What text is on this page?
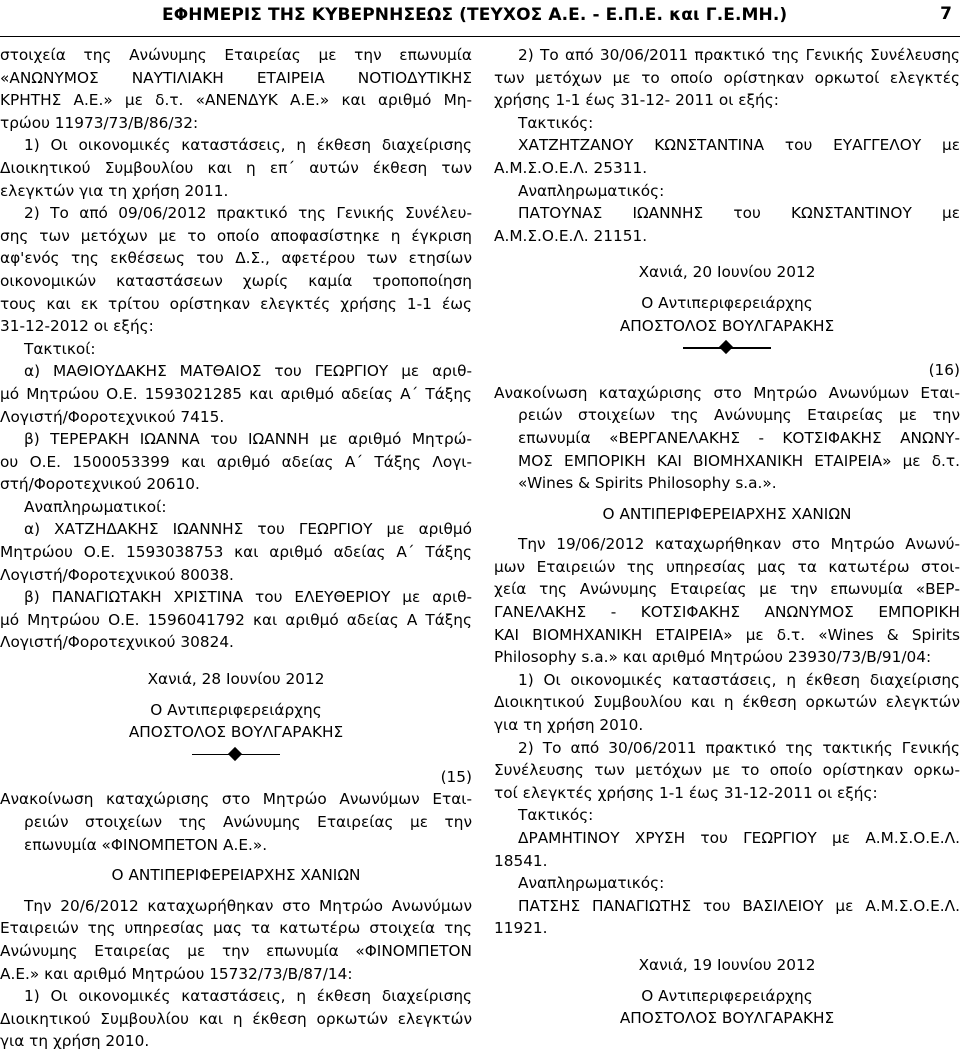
ΕΦΗΜΕΡΙΣ ΤΗΣ ΚΥΒΕΡΝΗΣΕΩΣ (ΤΕΥΧΟΣ Α.Ε. - Ε.Π.Ε. και Γ.Ε.ΜΗ.)	7
στοιχεία της Ανώνυμης Εταιρείας με την επωνυμία
«ΑΝΩΝΥΜΟΣ ΝΑΥΤΙΛΙΑΚΗ ΕΤΑΙΡΕΙΑ ΝΟΤΙΟΔΥΤΙΚΗΣ
ΚΡΗΤΗΣ Α.Ε.» με δ.τ. «ΑΝΕΝΔΥΚ Α.Ε.» και αριθμό Μη-
τρώου 11973/73/Β/86/32:
1) Οι οικονομικές καταστάσεις, η έκθεση διαχείρισης
Διοικητικού Συμβουλίου και η επ΄ αυτών έκθεση των
ελεγκτών για τη χρήση 2011.
2) Το από 09/06/2012 πρακτικό της Γενικής Συνέλευ-
σης των μετόχων με το οποίο αποφασίστηκε η έγκριση
αφ'ενός της εκθέσεως του Δ.Σ., αφετέρου των ετησίων
οικονομικών καταστάσεων χωρίς καμία τροποποίηση
τους και εκ τρίτου ορίστηκαν ελεγκτές χρήσης 1-1 έως
31-12-2012 οι εξής:
Τακτικοί:
α) ΜΑΘΙΟΥΔΑΚΗΣ ΜΑΤΘΑΙΟΣ του ΓΕΩΡΓΙΟΥ με αριθ-
μό Μητρώου Ο.Ε. 1593021285 και αριθμό αδείας Α΄ Τάξης
Λογιστή/Φοροτεχνικού 7415.
β) ΤΕΡΕΡΑΚΗ ΙΩΑΝΝΑ του ΙΩΑΝΝΗ με αριθμό Μητρώ-
ου Ο.Ε. 1500053399 και αριθμό αδείας Α΄ Τάξης Λογι-
στή/Φοροτεχνικού 20610.
Αναπληρωματικοί:
α) ΧΑΤΖΗΔΑΚΗΣ ΙΩΑΝΝΗΣ του ΓΕΩΡΓΙΟΥ με αριθμό
Μητρώου Ο.Ε. 1593038753 και αριθμό αδείας Α΄ Τάξης
Λογιστή/Φοροτεχνικού 80038.
β) ΠΑΝΑΓΙΩΤΑΚΗ ΧΡΙΣΤΙΝΑ του ΕΛΕΥΘΕΡΙΟΥ με αριθ-
μό Μητρώου Ο.Ε. 1596041792 και αριθμό αδείας Α Τάξης
Λογιστή/Φοροτεχνικού 30824.
Χανιά, 28 Ιουνίου 2012
Ο Αντιπεριφερειάρχης
ΑΠΟΣΤΟΛΟΣ ΒΟΥΛΓΑΡΑΚΗΣ
(15)
Ανακοίνωση καταχώρισης στο Μητρώο Ανωνύμων Εται-
ρειών στοιχείων της Ανώνυμης Εταιρείας με την
επωνυμία «ΦΙΝΟΜΠΕΤΟΝ Α.Ε.».
Ο ΑΝΤΙΠΕΡΙΦΕΡΕΙΑΡΧΗΣ ΧΑΝΙΩΝ
Την 20/6/2012 καταχωρήθηκαν στο Μητρώο Ανωνύμων
Εταιρειών της υπηρεσίας μας τα κατωτέρω στοιχεία της
Ανώνυμης Εταιρείας με την επωνυμία «ΦΙΝΟΜΠΕΤΟΝ
Α.Ε.» και αριθμό Μητρώου 15732/73/Β/87/14:
1) Οι οικονομικές καταστάσεις, η έκθεση διαχείρισης
Διοικητικού Συμβουλίου και η έκθεση ορκωτών ελεγκτών
για τη χρήση 2010.
2) Το από 30/06/2011 πρακτικό της Γενικής Συνέλευσης
των μετόχων με το οποίο ορίστηκαν ορκωτοί ελεγκτές
χρήσης 1-1 έως 31-12- 2011 οι εξής:
Τακτικός:
ΧΑΤΖΗΤΖΑΝΟΥ ΚΩΝΣΤΑΝΤΙΝΑ του ΕΥΑΓΓΕΛΟΥ με
Α.Μ.Σ.Ο.Ε.Λ. 25311.
Αναπληρωματικός:
ΠΑΤΟΥΝΑΣ ΙΩΑΝΝΗΣ του ΚΩΝΣΤΑΝΤΙΝΟΥ με
Α.Μ.Σ.Ο.Ε.Λ. 21151.
Χανιά, 20 Ιουνίου 2012
Ο Αντιπεριφερειάρχης
ΑΠΟΣΤΟΛΟΣ ΒΟΥΛΓΑΡΑΚΗΣ
(16)
Ανακοίνωση καταχώρισης στο Μητρώο Ανωνύμων Εται-
ρειών στοιχείων της Ανώνυμης Εταιρείας με την
επωνυμία «ΒΕΡΓΑΝΕΛΑΚΗΣ - ΚΟΤΣΙΦΑΚΗΣ ΑΝΩΝΥ-
ΜΟΣ ΕΜΠΟΡΙΚΗ ΚΑΙ ΒΙΟΜΗΧΑΝΙΚΗ ΕΤΑΙΡΕΙΑ» με δ.τ.
«Wines & Spirits Philosophy s.a.».
Ο ΑΝΤΙΠΕΡΙΦΕΡΕΙΑΡΧΗΣ ΧΑΝΙΩΝ
Την 19/06/2012 καταχωρήθηκαν στο Μητρώο Ανωνύ-
μων Εταιρειών της υπηρεσίας μας τα κατωτέρω στοι-
χεία της Ανώνυμης Εταιρείας με την επωνυμία «ΒΕΡ-
ΓΑΝΕΛΑΚΗΣ - ΚΟΤΣΙΦΑΚΗΣ ΑΝΩΝΥΜΟΣ ΕΜΠΟΡΙΚΗ
ΚΑΙ ΒΙΟΜΗΧΑΝΙΚΗ ΕΤΑΙΡΕΙΑ» με δ.τ. «Wines & Spirits
Philosophy s.a.» και αριθμό Μητρώου 23930/73/Β/91/04:
1) Οι οικονομικές καταστάσεις, η έκθεση διαχείρισης
Διοικητικού Συμβουλίου και η έκθεση ορκωτών ελεγκτών
για τη χρήση 2010.
2) Το από 30/06/2011 πρακτικό της τακτικής Γενικής
Συνέλευσης των μετόχων με το οποίο ορίστηκαν ορκω-
τοί ελεγκτές χρήσης 1-1 έως 31-12-2011 οι εξής:
Τακτικός:
ΔΡΑΜΗΤΙΝΟΥ ΧΡΥΣΗ του ΓΕΩΡΓΙΟΥ με Α.Μ.Σ.Ο.Ε.Λ.
18541.
Αναπληρωματικός:
ΠΑΤΣΗΣ ΠΑΝΑΓΙΩΤΗΣ του ΒΑΣΙΛΕΙΟΥ με Α.Μ.Σ.Ο.Ε.Λ.
11921.
Χανιά, 19 Ιουνίου 2012
Ο Αντιπεριφερειάρχης
ΑΠΟΣΤΟΛΟΣ ΒΟΥΛΓΑΡΑΚΗΣ
